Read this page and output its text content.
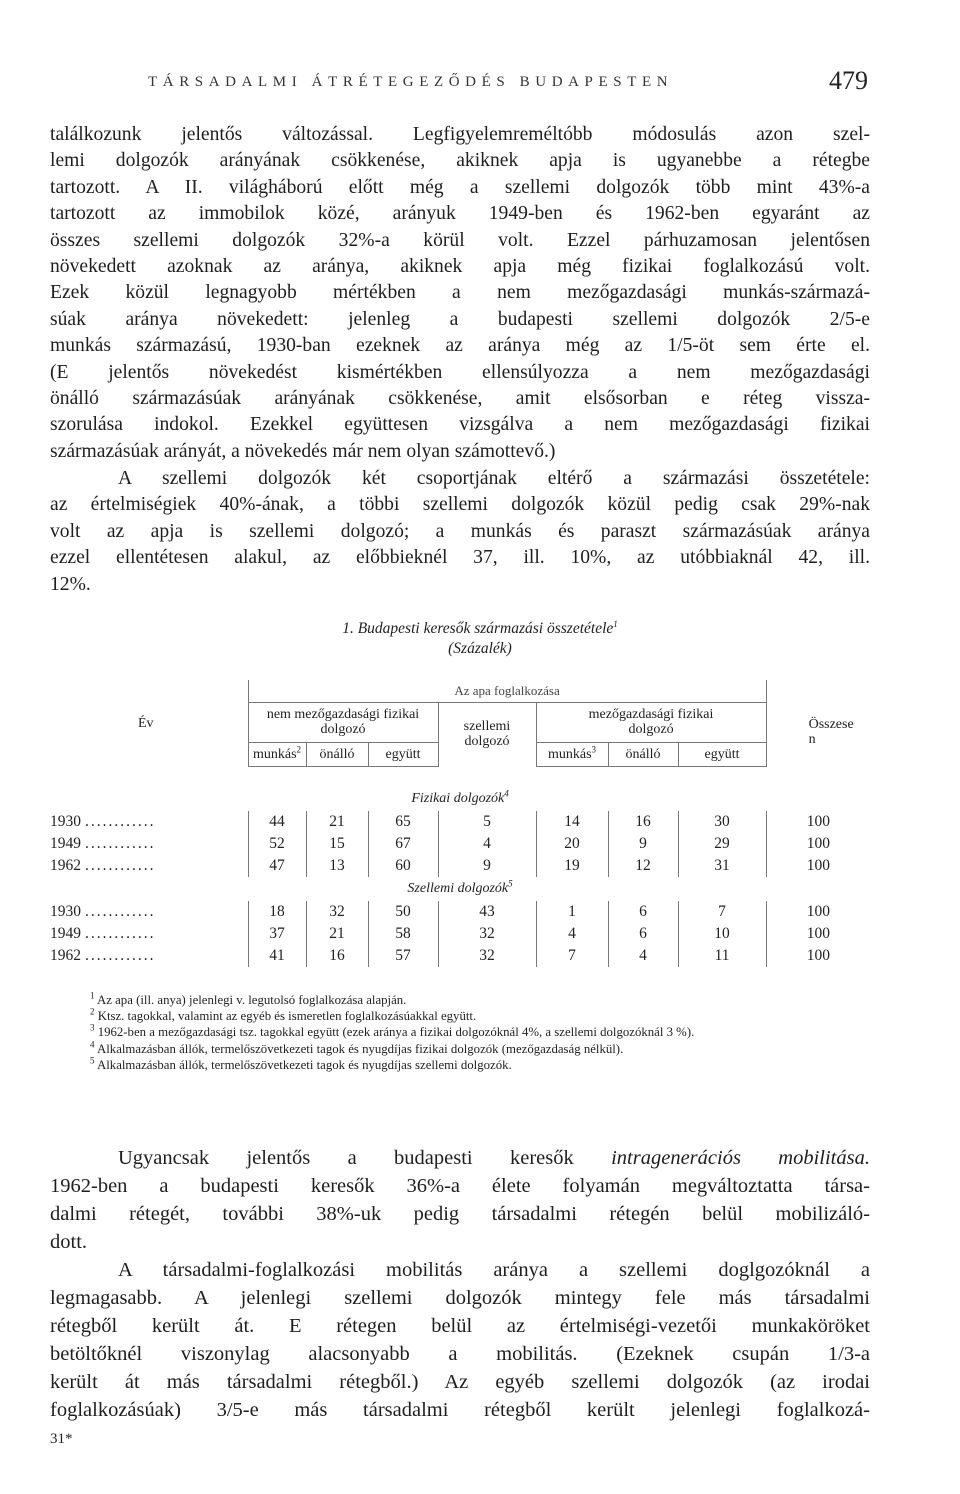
TÁRSADALMI ÁTRÉTEGEZŐDÉS BUDAPESTEN	479

találkozunk jelentős változással. Legfigyelemreméltóbb módosulás azon szel-
lemi dolgozók arányának csökkenése, akiknek apja is ugyanebbe a rétegbe
tartozott. A II. világháború előtt még a szellemi dolgozók több mint 43%-a
tartozott az immobilok közé, arányuk 1949-ben és 1962-ben egyaránt az
összes szellemi dolgozók 32%-a körül volt. Ezzel párhuzamosan jelentősen
növekedett azoknak az aránya, akiknek apja még fizikai foglalkozású volt.
Ezek közül legnagyobb mértékben a nem mezőgazdasági munkás-származá-
súak aránya növekedett: jelenleg a budapesti szellemi dolgozók 2/5-e
munkás származású, 1930-ban ezeknek az aránya még az 1/5-öt sem érte el.
(E jelentős növekedést kismértékben ellensúlyozza a nem mezőgazdasági
önálló származásúak arányának csökkenése, amit elsősorban e réteg vissza-
szorulása indokol. Ezekkel együttesen vizsgálva a nem mezőgazdasági fizikai
származásúak arányát, a növekedés már nem olyan számottevő.)

A szellemi dolgozók két csoportjának eltérő a származási összetétele:
az értelmiségiek 40%-ának, a többi szellemi dolgozók közül pedig csak 29%-nak
volt az apja is szellemi dolgozó; a munkás és paraszt származásúak aránya
ezzel ellentétesen alakul, az előbbieknél 37, ill. 10%, az utóbbiaknál 42, ill.
12%.

1. Budapesti keresők származási összetétele$^1$
(Százalék)
Év	Az apa foglalkozása							Összesen

	nem mezőgazdasági fizikai dolgozó			szellemi dolgozó	mezőgazdasági fizikai dolgozó			

	munkás$^2$	önálló	együtt		munkás$^3$	önálló	együtt	

Fizikai dolgozók$^4$
1930 ............	44	21	65	5	14	16	30	100
1949 ............	52	15	67	4	20	9	29	100
1962 ............	47	13	60	9	19	12	31	100
Szellemi dolgozók$^5$
1930 ............	18	32	50	43	1	6	7	100
1949 ............	37	21	58	32	4	6	10	100
1962 ............	41	16	57	32	7	4	11	100
$^1$ Az apa (ill. anya) jelenlegi v. legutolsó foglalkozása alapján.
$^2$ Ktsz. tagokkal, valamint az egyéb és ismeretlen foglalkozásúakkal együtt.
$^3$ 1962-ben a mezőgazdasági tsz. tagokkal együtt (ezek aránya a fizikai dolgozóknál 4%, a szellemi dolgozóknál 3 %).
$^4$ Alkalmazásban állók, termelőszövetkezeti tagok és nyugdíjas fizikai dolgozók (mezőgazdaság nélkül).
$^5$ Alkalmazásban állók, termelőszövetkezeti tagok és nyugdíjas szellemi dolgozók.

Ugyancsak jelentős a budapesti keresők intragenerációs mobilitása.
1962-ben a budapesti keresők 36%-a élete folyamán megváltoztatta társa-
dalmi rétegét, további 38%-uk pedig társadalmi rétegén belül mobilizáló-
dott.

A társadalmi-foglalkozási mobilitás aránya a szellemi doglgozóknál a
legmagasabb. A jelenlegi szellemi dolgozók mintegy fele más társadalmi
rétegből került át. E rétegen belül az értelmiségi-vezetői munkaköröket
betöltőknél viszonylag alacsonyabb a mobilitás. (Ezeknek csupán 1/3-a
került át más társadalmi rétegből.) Az egyéb szellemi dolgozók (az irodai
foglalkozásúak) 3/5-e más társadalmi rétegből került jelenlegi foglalkozá-

31*
